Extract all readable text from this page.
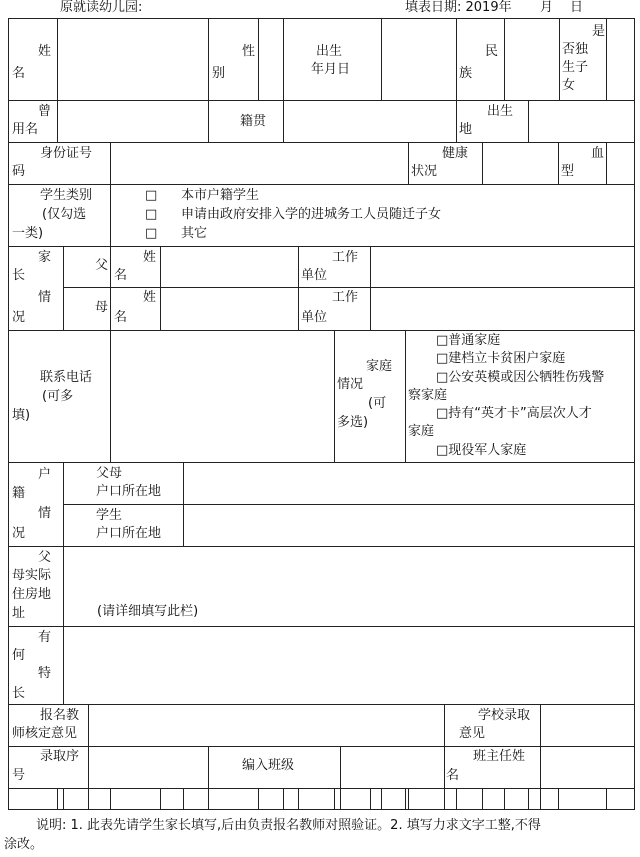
原就读幼儿园:	填表日期: 2019年 月 日
姓
名
性
别
出生
年月日
民
族
是
否独
生子
女
曾
用名
籍贯
出生
地
身份证号
码
健康
状况
血
型
学生类别
(仅勾选
一类)
□ 本市户籍学生
□ 申请由政府安排入学的进城务工人员随迁子女
□ 其它
家
长
情
况
父
姓
名
工作
单位
母
姓
名
工作
单位
联系电话
(可多
填)
家庭
情况
(可
多选)
□普通家庭
□建档立卡贫困户家庭
□公安英模或因公牺牲伤残警
察家庭
□持有“英才卡”高层次人才
家庭
□现役军人家庭
户
籍
情
况
父母
户口所在地
学生
户口所在地
父
母实际
住房地
址	(请详细填写此栏)
有
何
特
长
报名教
师核定意见
学校录取
意见
录取序
号
编入班级
班主任姓
名
说明: 1. 此表先请学生家长填写,后由负责报名教师对照验证。2. 填写力求文字工整,不得
涂改。
